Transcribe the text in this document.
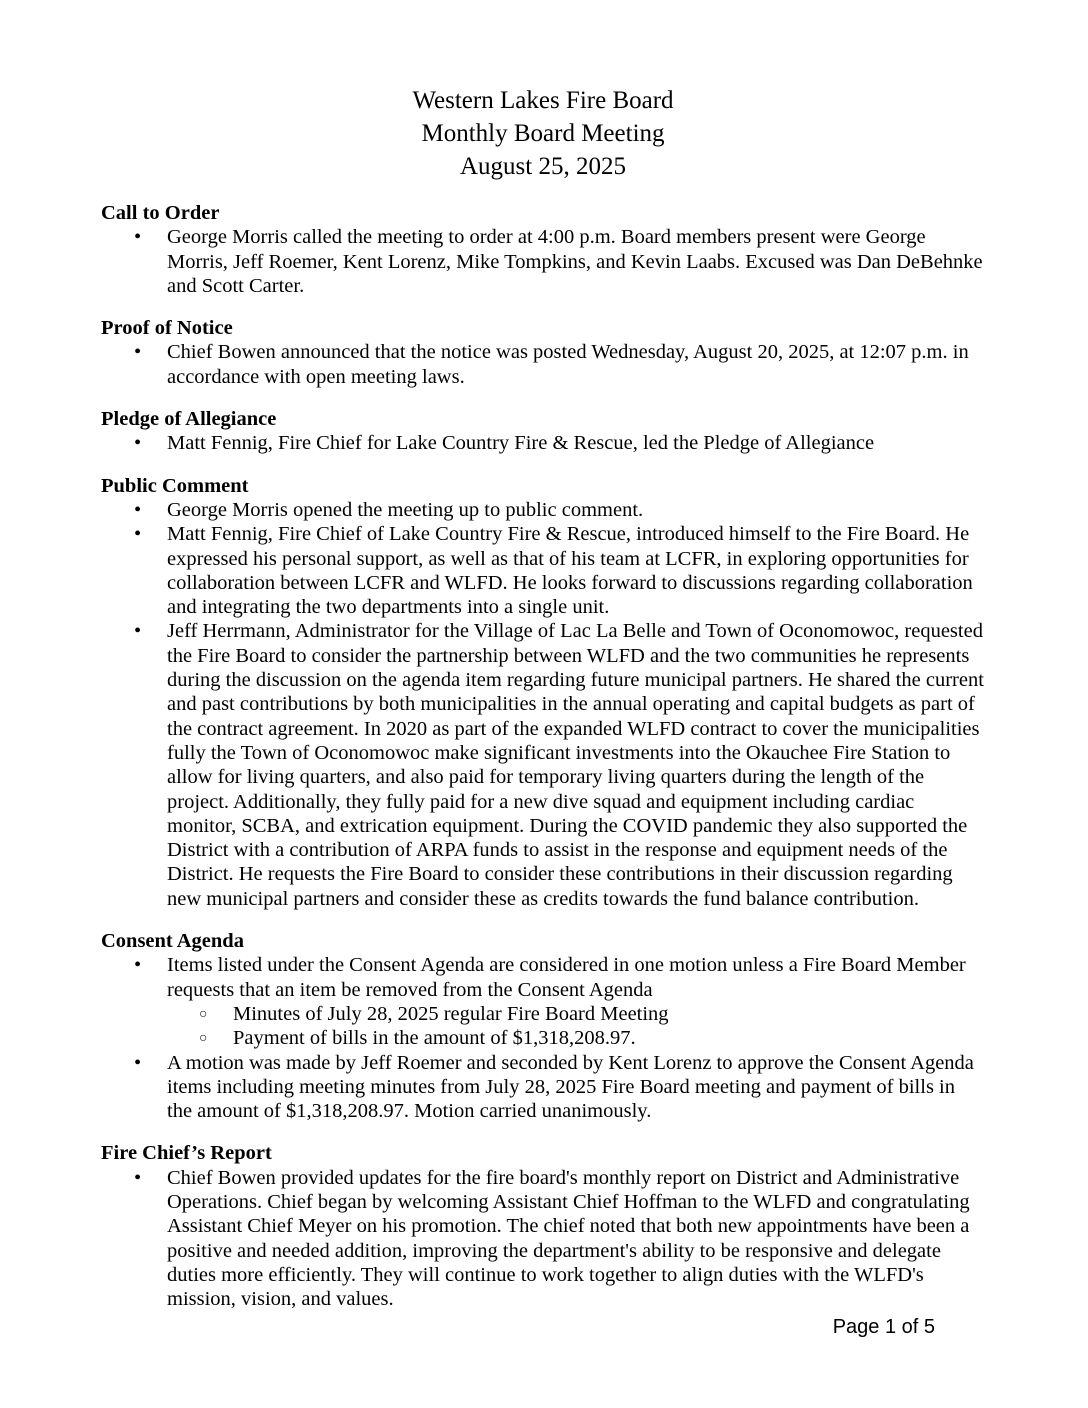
Western Lakes Fire Board
Monthly Board Meeting
August 25, 2025
Call to Order
• George Morris called the meeting to order at 4:00 p.m. Board members present were George Morris, Jeff Roemer, Kent Lorenz, Mike Tompkins, and Kevin Laabs. Excused was Dan DeBehnke and Scott Carter.
Proof of Notice
• Chief Bowen announced that the notice was posted Wednesday, August 20, 2025, at 12:07 p.m. in accordance with open meeting laws.
Pledge of Allegiance
• Matt Fennig, Fire Chief for Lake Country Fire & Rescue, led the Pledge of Allegiance
Public Comment
• George Morris opened the meeting up to public comment.
• Matt Fennig, Fire Chief of Lake Country Fire & Rescue, introduced himself to the Fire Board. He expressed his personal support, as well as that of his team at LCFR, in exploring opportunities for collaboration between LCFR and WLFD. He looks forward to discussions regarding collaboration and integrating the two departments into a single unit.
• Jeff Herrmann, Administrator for the Village of Lac La Belle and Town of Oconomowoc, requested the Fire Board to consider the partnership between WLFD and the two communities he represents during the discussion on the agenda item regarding future municipal partners. He shared the current and past contributions by both municipalities in the annual operating and capital budgets as part of the contract agreement. In 2020 as part of the expanded WLFD contract to cover the municipalities fully the Town of Oconomowoc make significant investments into the Okauchee Fire Station to allow for living quarters, and also paid for temporary living quarters during the length of the project. Additionally, they fully paid for a new dive squad and equipment including cardiac monitor, SCBA, and extrication equipment. During the COVID pandemic they also supported the District with a contribution of ARPA funds to assist in the response and equipment needs of the District. He requests the Fire Board to consider these contributions in their discussion regarding new municipal partners and consider these as credits towards the fund balance contribution.
Consent Agenda
• Items listed under the Consent Agenda are considered in one motion unless a Fire Board Member requests that an item be removed from the Consent Agenda
○ Minutes of July 28, 2025 regular Fire Board Meeting
○ Payment of bills in the amount of $1,318,208.97.
• A motion was made by Jeff Roemer and seconded by Kent Lorenz to approve the Consent Agenda items including meeting minutes from July 28, 2025 Fire Board meeting and payment of bills in the amount of $1,318,208.97. Motion carried unanimously.
Fire Chief’s Report
• Chief Bowen provided updates for the fire board's monthly report on District and Administrative Operations. Chief began by welcoming Assistant Chief Hoffman to the WLFD and congratulating Assistant Chief Meyer on his promotion. The chief noted that both new appointments have been a positive and needed addition, improving the department's ability to be responsive and delegate duties more efficiently. They will continue to work together to align duties with the WLFD's mission, vision, and values.
Page 1 of 5
